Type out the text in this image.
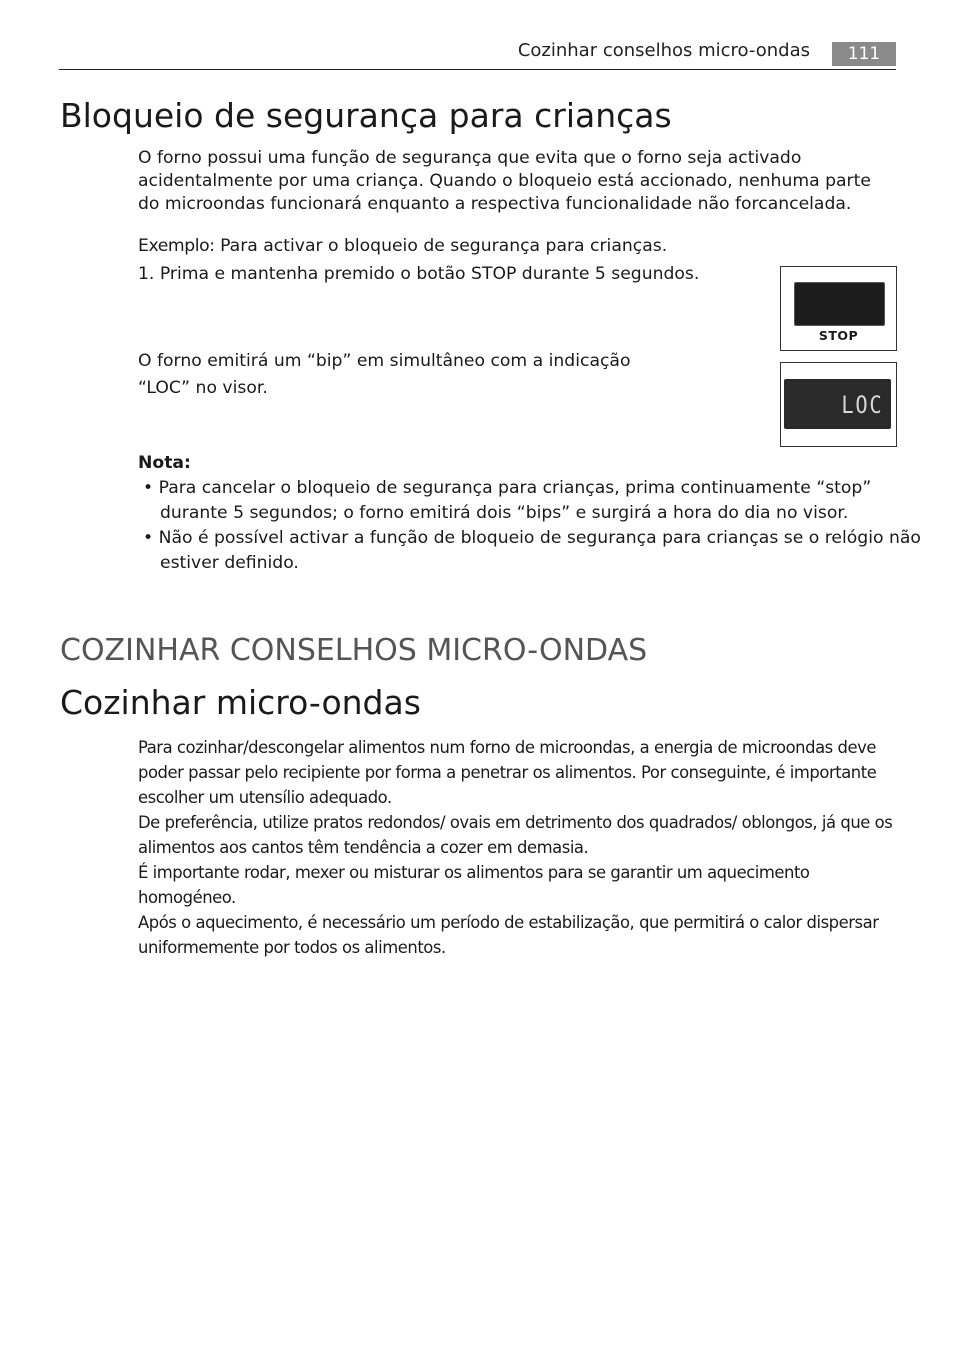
Cozinhar conselhos micro-ondas	111
Bloqueio de segurança para crianças
O forno possui uma função de segurança que evita que o forno seja activado
acidentalmente por uma criança. Quando o bloqueio está accionado, nenhuma parte
do microondas funcionará enquanto a respectiva funcionalidade não forcancelada.
Exemplo: Para activar o bloqueio de segurança para crianças.
1. Prima e mantenha premido o botão STOP durante 5 segundos.
O forno emitirá um “bip” em simultâneo com a indicação
“LOC” no visor.
STOP
LOC
Nota:
• Para cancelar o bloqueio de segurança para crianças, prima continuamente “stop”
durante 5 segundos; o forno emitirá dois “bips” e surgirá a hora do dia no visor.
• Não é possível activar a função de bloqueio de segurança para crianças se o relógio não
estiver definido.
COZINHAR CONSELHOS MICRO-ONDAS
Cozinhar micro-ondas
Para cozinhar/descongelar alimentos num forno de microondas, a energia de microondas deve
poder passar pelo recipiente por forma a penetrar os alimentos. Por conseguinte, é importante
escolher um utensílio adequado.
De preferência, utilize pratos redondos/ ovais em detrimento dos quadrados/ oblongos, já que os
alimentos aos cantos têm tendência a cozer em demasia.
É importante rodar, mexer ou misturar os alimentos para se garantir um aquecimento
homogéneo.
Após o aquecimento, é necessário um período de estabilização, que permitirá o calor dispersar
uniformemente por todos os alimentos.
